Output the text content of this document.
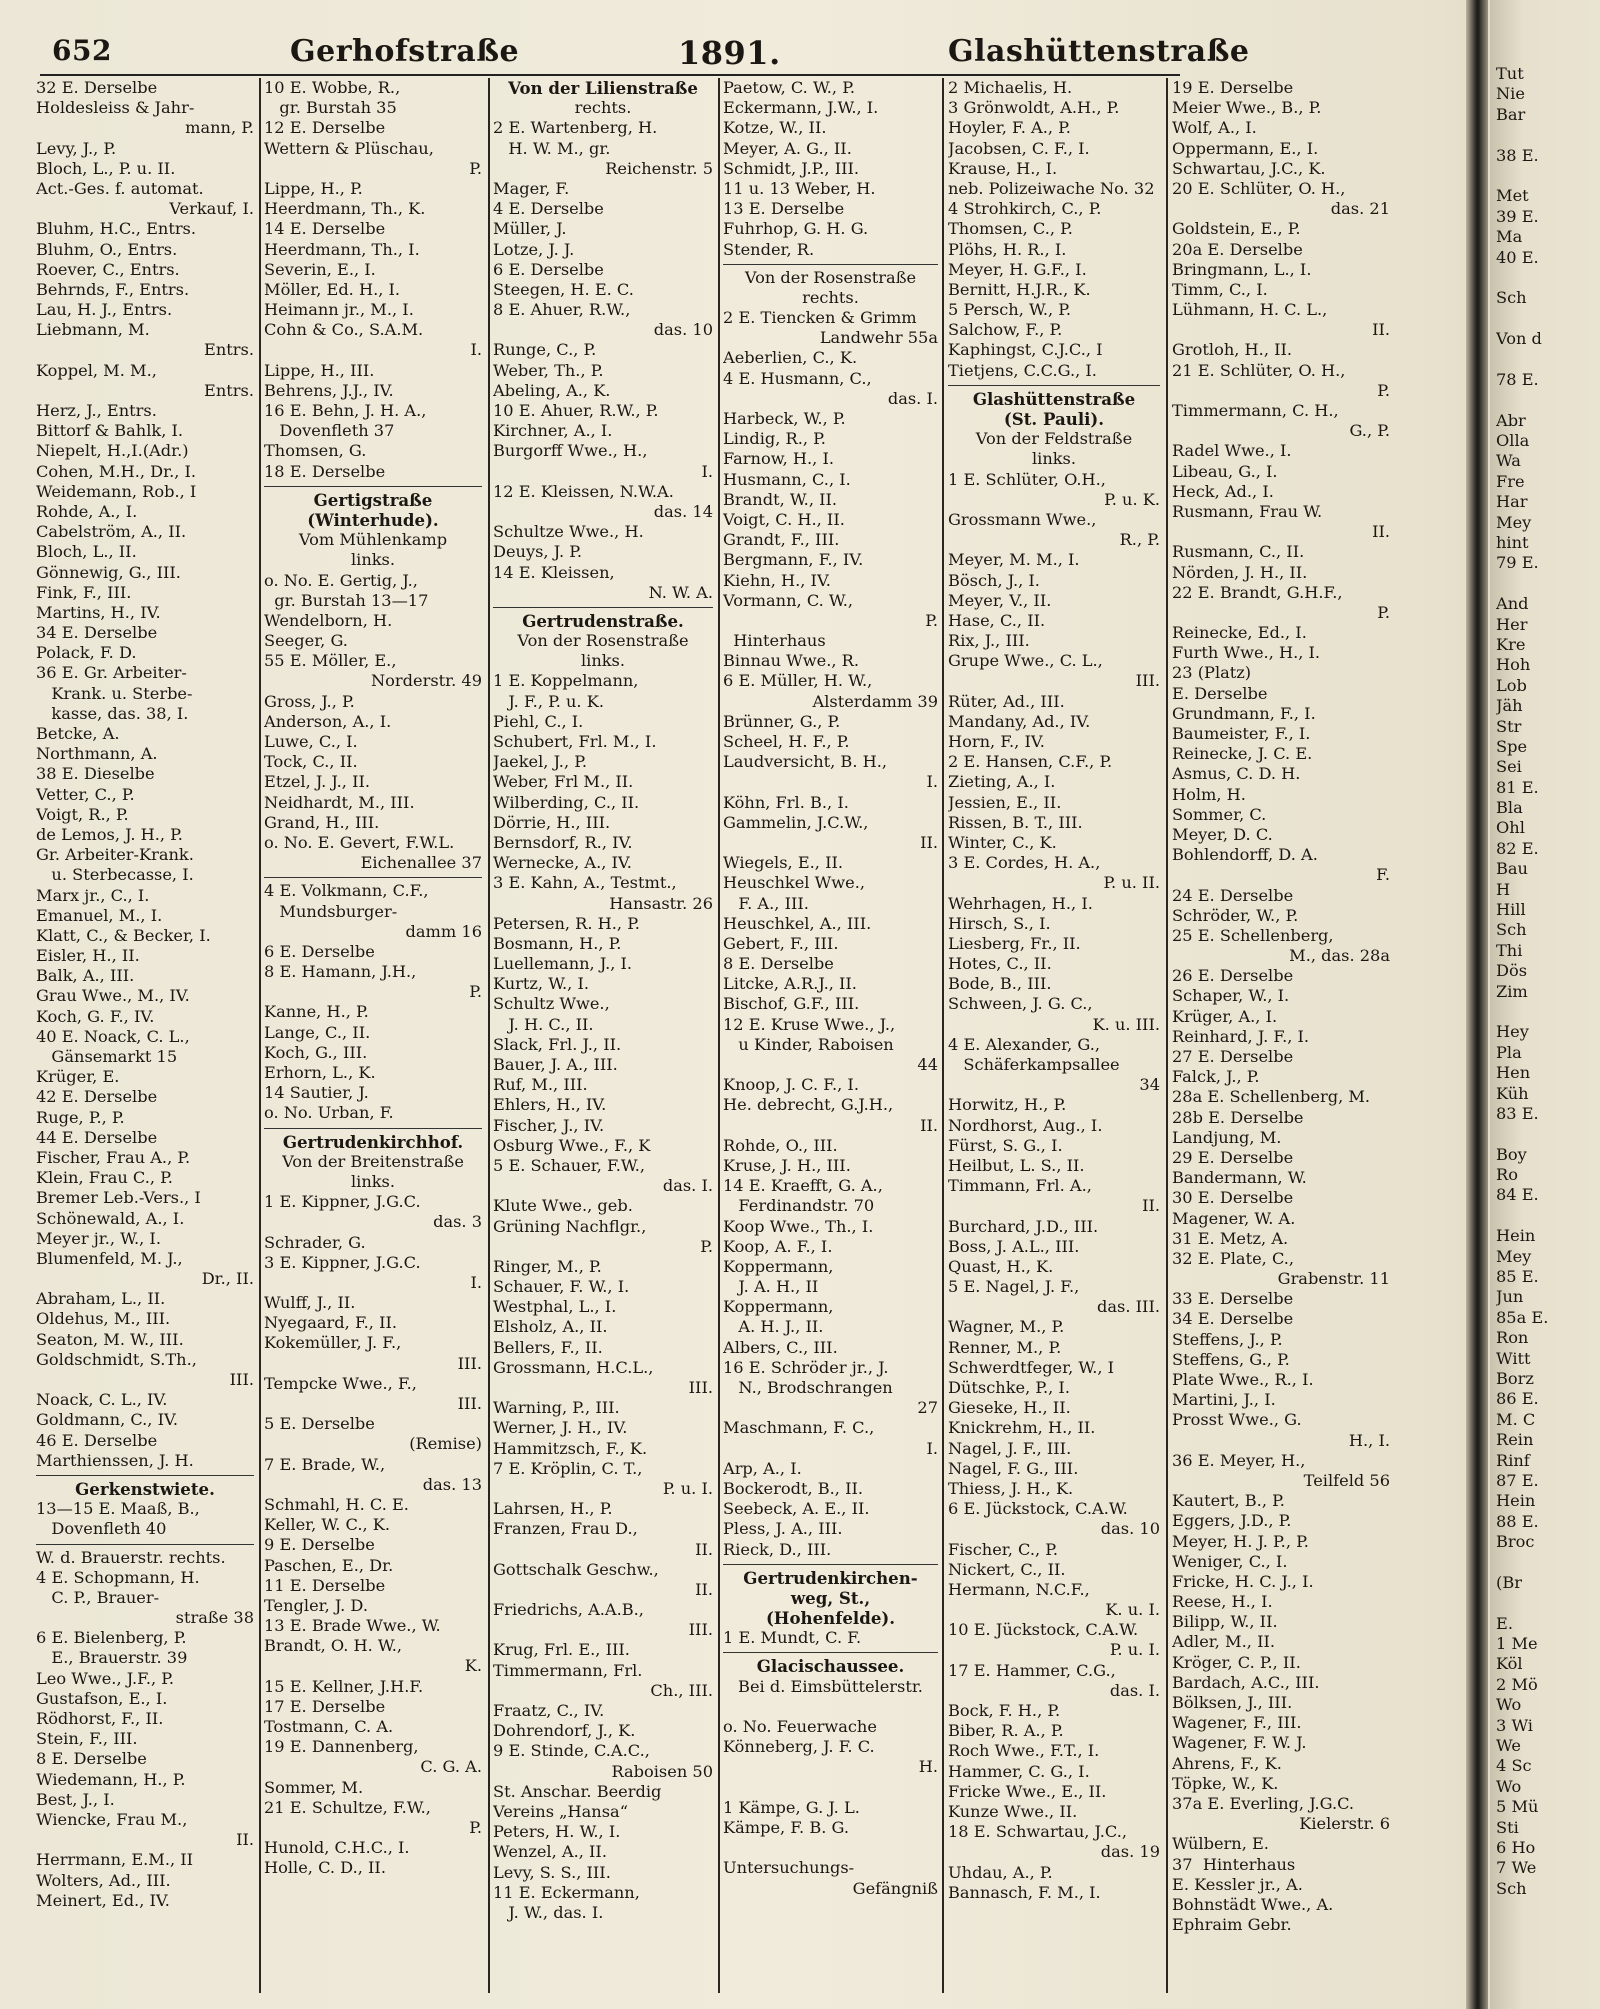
652	Gerhofstraße	1891.	Glashüttenstraße
32 E. Derselbe
Holdesleiss & Jahr-
mann, P.
Levy, J., P.
Bloch, L., P. u. II.
Act.-Ges. f. automat.
Verkauf, I.
Bluhm, H.C., Entrs.
Bluhm, O., Entrs.
Roever, C., Entrs.
Behrnds, F., Entrs.
Lau, H. J., Entrs.
Liebmann, M.
Entrs.
Koppel, M. M.,
Entrs.
Herz, J., Entrs.
Bittorf & Bahlk, I.
Niepelt, H.,I.(Adr.)
Cohen, M.H., Dr., I.
Weidemann, Rob., I
Rohde, A., I.
Cabelström, A., II.
Bloch, L., II.
Gönnewig, G., III.
Fink, F., III.
Martins, H., IV.
34 E. Derselbe
Polack, F. D.
36 E. Gr. Arbeiter-
Krank. u. Sterbe-
kasse, das. 38, I.
Betcke, A.
Northmann, A.
38 E. Dieselbe
Vetter, C., P.
Voigt, R., P.
de Lemos, J. H., P.
Gr. Arbeiter-Krank.
u. Sterbecasse, I.
Marx jr., C., I.
Emanuel, M., I.
Klatt, C., & Becker, I.
Eisler, H., II.
Balk, A., III.
Grau Wwe., M., IV.
Koch, G. F., IV.
40 E. Noack, C. L.,
Gänsemarkt 15
Krüger, E.
42 E. Derselbe
Ruge, P., P.
44 E. Derselbe
Fischer, Frau A., P.
Klein, Frau C., P.
Bremer Leb.-Vers., I
Schönewald, A., I.
Meyer jr., W., I.
Blumenfeld, M. J.,
Dr., II.
Abraham, L., II.
Oldehus, M., III.
Seaton, M. W., III.
Goldschmidt, S.Th.,
III.
Noack, C. L., IV.
Goldmann, C., IV.
46 E. Derselbe
Marthienssen, J. H.
Gerkenstwiete.
13—15 E. Maaß, B.,
Dovenfleth 40
W. d. Brauerstr. rechts.
4 E. Schopmann, H.
C. P., Brauer-
straße 38
6 E. Bielenberg, P.
E., Brauerstr. 39
Leo Wwe., J.F., P.
Gustafson, E., I.
Rödhorst, F., II.
Stein, F., III.
8 E. Derselbe
Wiedemann, H., P.
Best, J., I.
Wiencke, Frau M.,
II.
Herrmann, E.M., II
Wolters, Ad., III.
Meinert, Ed., IV.
10 E. Wobbe, R.,
gr. Burstah 35
12 E. Derselbe
Wettern & Plüschau,
P.
Lippe, H., P.
Heerdmann, Th., K.
14 E. Derselbe
Heerdmann, Th., I.
Severin, E., I.
Möller, Ed. H., I.
Heimann jr., M., I.
Cohn & Co., S.A.M.
I.
Lippe, H., III.
Behrens, J.J., IV.
16 E. Behn, J. H. A.,
Dovenfleth 37
Thomsen, G.
18 E. Derselbe
Gertigstraße
(Winterhude).
Vom Mühlenkamp
links.
o. No. E. Gertig, J.,
gr. Burstah 13—17
Wendelborn, H.
Seeger, G.
55 E. Möller, E.,
Norderstr. 49
Gross, J., P.
Anderson, A., I.
Luwe, C., I.
Tock, C., II.
Etzel, J. J., II.
Neidhardt, M., III.
Grand, H., III.
o. No. E. Gevert, F.W.L.
Eichenallee 37
4 E. Volkmann, C.F.,
Mundsburger-
damm 16
6 E. Derselbe
8 E. Hamann, J.H.,
P.
Kanne, H., P.
Lange, C., II.
Koch, G., III.
Erhorn, L., K.
14 Sautier, J.
o. No. Urban, F.
Gertrudenkirchhof.
Von der Breitenstraße
links.
1 E. Kippner, J.G.C.
das. 3
Schrader, G.
3 E. Kippner, J.G.C.
I.
Wulff, J., II.
Nyegaard, F., II.
Kokemüller, J. F.,
III.
Tempcke Wwe., F.,
III.
5 E. Derselbe
(Remise)
7 E. Brade, W.,
das. 13
Schmahl, H. C. E.
Keller, W. C., K.
9 E. Derselbe
Paschen, E., Dr.
11 E. Derselbe
Tengler, J. D.
13 E. Brade Wwe., W.
Brandt, O. H. W.,
K.
15 E. Kellner, J.H.F.
17 E. Derselbe
Tostmann, C. A.
19 E. Dannenberg,
C. G. A.
Sommer, M.
21 E. Schultze, F.W.,
P.
Hunold, C.H.C., I.
Holle, C. D., II.
Von der Lilienstraße
rechts.
2 E. Wartenberg, H.
H. W. M., gr.
Reichenstr. 5
Mager, F.
4 E. Derselbe
Müller, J.
Lotze, J. J.
6 E. Derselbe
Steegen, H. E. C.
8 E. Ahuer, R.W.,
das. 10
Runge, C., P.
Weber, Th., P.
Abeling, A., K.
10 E. Ahuer, R.W., P.
Kirchner, A., I.
Burgorff Wwe., H.,
I.
12 E. Kleissen, N.W.A.
das. 14
Schultze Wwe., H.
Deuys, J. P.
14 E. Kleissen,
N. W. A.
Gertrudenstraße.
Von der Rosenstraße
links.
1 E. Koppelmann,
J. F., P. u. K.
Piehl, C., I.
Schubert, Frl. M., I.
Jaekel, J., P.
Weber, Frl M., II.
Wilberding, C., II.
Dörrie, H., III.
Bernsdorf, R., IV.
Wernecke, A., IV.
3 E. Kahn, A., Testmt.,
Hansastr. 26
Petersen, R. H., P.
Bosmann, H., P.
Luellemann, J., I.
Kurtz, W., I.
Schultz Wwe.,
J. H. C., II.
Slack, Frl. J., II.
Bauer, J. A., III.
Ruf, M., III.
Ehlers, H., IV.
Fischer, J., IV.
Osburg Wwe., F., K
5 E. Schauer, F.W.,
das. I.
Klute Wwe., geb.
Grüning Nachflgr.,
P.
Ringer, M., P.
Schauer, F. W., I.
Westphal, L., I.
Elsholz, A., II.
Bellers, F., II.
Grossmann, H.C.L.,
III.
Warning, P., III.
Werner, J. H., IV.
Hammitzsch, F., K.
7 E. Kröplin, C. T.,
P. u. I.
Lahrsen, H., P.
Franzen, Frau D.,
II.
Gottschalk Geschw.,
II.
Friedrichs, A.A.B.,
III.
Krug, Frl. E., III.
Timmermann, Frl.
Ch., III.
Fraatz, C., IV.
Dohrendorf, J., K.
9 E. Stinde, C.A.C.,
Raboisen 50
St. Anschar. Beerdig
Vereins „Hansa“
Peters, H. W., I.
Wenzel, A., II.
Levy, S. S., III.
11 E. Eckermann,
J. W., das. I.
Paetow, C. W., P.
Eckermann, J.W., I.
Kotze, W., II.
Meyer, A. G., II.
Schmidt, J.P., III.
11 u. 13 Weber, H.
13 E. Derselbe
Fuhrhop, G. H. G.
Stender, R.
Von der Rosenstraße
rechts.
2 E. Tiencken & Grimm
Landwehr 55a
Aeberlien, C., K.
4 E. Husmann, C.,
das. I.
Harbeck, W., P.
Lindig, R., P.
Farnow, H., I.
Husmann, C., I.
Brandt, W., II.
Voigt, C. H., II.
Grandt, F., III.
Bergmann, F., IV.
Kiehn, H., IV.
Vormann, C. W.,
P.
Hinterhaus
Binnau Wwe., R.
6 E. Müller, H. W.,
Alsterdamm 39
Brünner, G., P.
Scheel, H. F., P.
Laudversicht, B. H.,
I.
Köhn, Frl. B., I.
Gammelin, J.C.W.,
II.
Wiegels, E., II.
Heuschkel Wwe.,
F. A., III.
Heuschkel, A., III.
Gebert, F., III.
8 E. Derselbe
Litcke, A.R.J., II.
Bischof, G.F., III.
12 E. Kruse Wwe., J.,
u Kinder, Raboisen
44
Knoop, J. C. F., I.
He. debrecht, G.J.H.,
II.
Rohde, O., III.
Kruse, J. H., III.
14 E. Kraefft, G. A.,
Ferdinandstr. 70
Koop Wwe., Th., I.
Koop, A. F., I.
Koppermann,
J. A. H., II
Koppermann,
A. H. J., II.
Albers, C., III.
16 E. Schröder jr., J.
N., Brodschrangen
27
Maschmann, F. C.,
I.
Arp, A., I.
Bockerodt, B., II.
Seebeck, A. E., II.
Pless, J. A., III.
Rieck, D., III.
Gertrudenkirchen-
weg, St.,
(Hohenfelde).
1 E. Mundt, C. F.
Glacischaussee.
Bei d. Eimsbüttelerstr.

o. No. Feuerwache
Könneberg, J. F. C.
H.

1 Kämpe, G. J. L.
Kämpe, F. B. G.

Untersuchungs-
Gefängniß
2 Michaelis, H.
3 Grönwoldt, A.H., P.
Hoyler, F. A., P.
Jacobsen, C. F., I.
Krause, H., I.
neb. Polizeiwache No. 32
4 Strohkirch, C., P.
Thomsen, C., P.
Plöhs, H. R., I.
Meyer, H. G.F., I.
Bernitt, H.J.R., K.
5 Persch, W., P.
Salchow, F., P.
Kaphingst, C.J.C., I
Tietjens, C.C.G., I.
Glashüttenstraße
(St. Pauli).
Von der Feldstraße
links.
1 E. Schlüter, O.H.,
P. u. K.
Grossmann Wwe.,
R., P.
Meyer, M. M., I.
Bösch, J., I.
Meyer, V., II.
Hase, C., II.
Rix, J., III.
Grupe Wwe., C. L.,
III.
Rüter, Ad., III.
Mandany, Ad., IV.
Horn, F., IV.
2 E. Hansen, C.F., P.
Zieting, A., I.
Jessien, E., II.
Rissen, B. T., III.
Winter, C., K.
3 E. Cordes, H. A.,
P. u. II.
Wehrhagen, H., I.
Hirsch, S., I.
Liesberg, Fr., II.
Hotes, C., II.
Bode, B., III.
Schween, J. G. C.,
K. u. III.
4 E. Alexander, G.,
Schäferkampsallee
34
Horwitz, H., P.
Nordhorst, Aug., I.
Fürst, S. G., I.
Heilbut, L. S., II.
Timmann, Frl. A.,
II.
Burchard, J.D., III.
Boss, J. A.L., III.
Quast, H., K.
5 E. Nagel, J. F.,
das. III.
Wagner, M., P.
Renner, M., P.
Schwerdtfeger, W., I
Dütschke, P., I.
Gieseke, H., II.
Knickrehm, H., II.
Nagel, J. F., III.
Nagel, F. G., III.
Thiess, J. H., K.
6 E. Jückstock, C.A.W.
das. 10
Fischer, C., P.
Nickert, C., II.
Hermann, N.C.F.,
K. u. I.
10 E. Jückstock, C.A.W.
P. u. I.
17 E. Hammer, C.G.,
das. I.
Bock, F. H., P.
Biber, R. A., P.
Roch Wwe., F.T., I.
Hammer, C. G., I.
Fricke Wwe., E., II.
Kunze Wwe., II.
18 E. Schwartau, J.C.,
das. 19
Uhdau, A., P.
Bannasch, F. M., I.
19 E. Derselbe
Meier Wwe., B., P.
Wolf, A., I.
Oppermann, E., I.
Schwartau, J.C., K.
20 E. Schlüter, O. H.,
das. 21
Goldstein, E., P.
20a E. Derselbe
Bringmann, L., I.
Timm, C., I.
Lühmann, H. C. L.,
II.
Grotloh, H., II.
21 E. Schlüter, O. H.,
P.
Timmermann, C. H.,
G., P.
Radel Wwe., I.
Libeau, G., I.
Heck, Ad., I.
Rusmann, Frau W.
II.
Rusmann, C., II.
Nörden, J. H., II.
22 E. Brandt, G.H.F.,
P.
Reinecke, Ed., I.
Furth Wwe., H., I.
23 (Platz)
E. Derselbe
Grundmann, F., I.
Baumeister, F., I.
Reinecke, J. C. E.
Asmus, C. D. H.
Holm, H.
Sommer, C.
Meyer, D. C.
Bohlendorff, D. A.
F.
24 E. Derselbe
Schröder, W., P.
25 E. Schellenberg,
M., das. 28a
26 E. Derselbe
Schaper, W., I.
Krüger, A., I.
Reinhard, J. F., I.
27 E. Derselbe
Falck, J., P.
28a E. Schellenberg, M.
28b E. Derselbe
Landjung, M.
29 E. Derselbe
Bandermann, W.
30 E. Derselbe
Magener, W. A.
31 E. Metz, A.
32 E. Plate, C.,
Grabenstr. 11
33 E. Derselbe
34 E. Derselbe
Steffens, J., P.
Steffens, G., P.
Plate Wwe., R., I.
Martini, J., I.
Prosst Wwe., G.
H., I.
36 E. Meyer, H.,
Teilfeld 56
Kautert, B., P.
Eggers, J.D., P.
Meyer, H. J. P., P.
Weniger, C., I.
Fricke, H. C. J., I.
Reese, H., I.
Bilipp, W., II.
Adler, M., II.
Kröger, C. P., II.
Bardach, A.C., III.
Bölksen, J., III.
Wagener, F., III.
Wagener, F. W. J.
Ahrens, F., K.
Töpke, W., K.
37a E. Everling, J.G.C.
Kielerstr. 6
Wülbern, E.
37  Hinterhaus
E. Kessler jr., A.
Bohnstädt Wwe., A.
Ephraim Gebr.
Tut
Nie
Bar

38 E.

Met
39 E.
Ma
40 E.

Sch

Von d

78 E.

Abr
Olla
Wa
Fre
Har
Mey
hint
79 E.

And
Her
Kre
Hoh
Lob
Jäh
Str
Spe
Sei
81 E.
Bla
Ohl
82 E.
Bau
H
Hill
Sch
Thi
Dös
Zim

Hey
Pla
Hen
Küh
83 E.

Boy
Ro
84 E.

Hein
Mey
85 E.
Jun
85a E.
Ron
Witt
Borz
86 E.
M. C
Rein
Rinf
87 E.
Hein
88 E.
Broc

(Br

E.
1 Me
Köl
2 Mö
Wo
3 Wi
We
4 Sc
Wo
5 Mü
Sti
6 Ho
7 We
Sch
